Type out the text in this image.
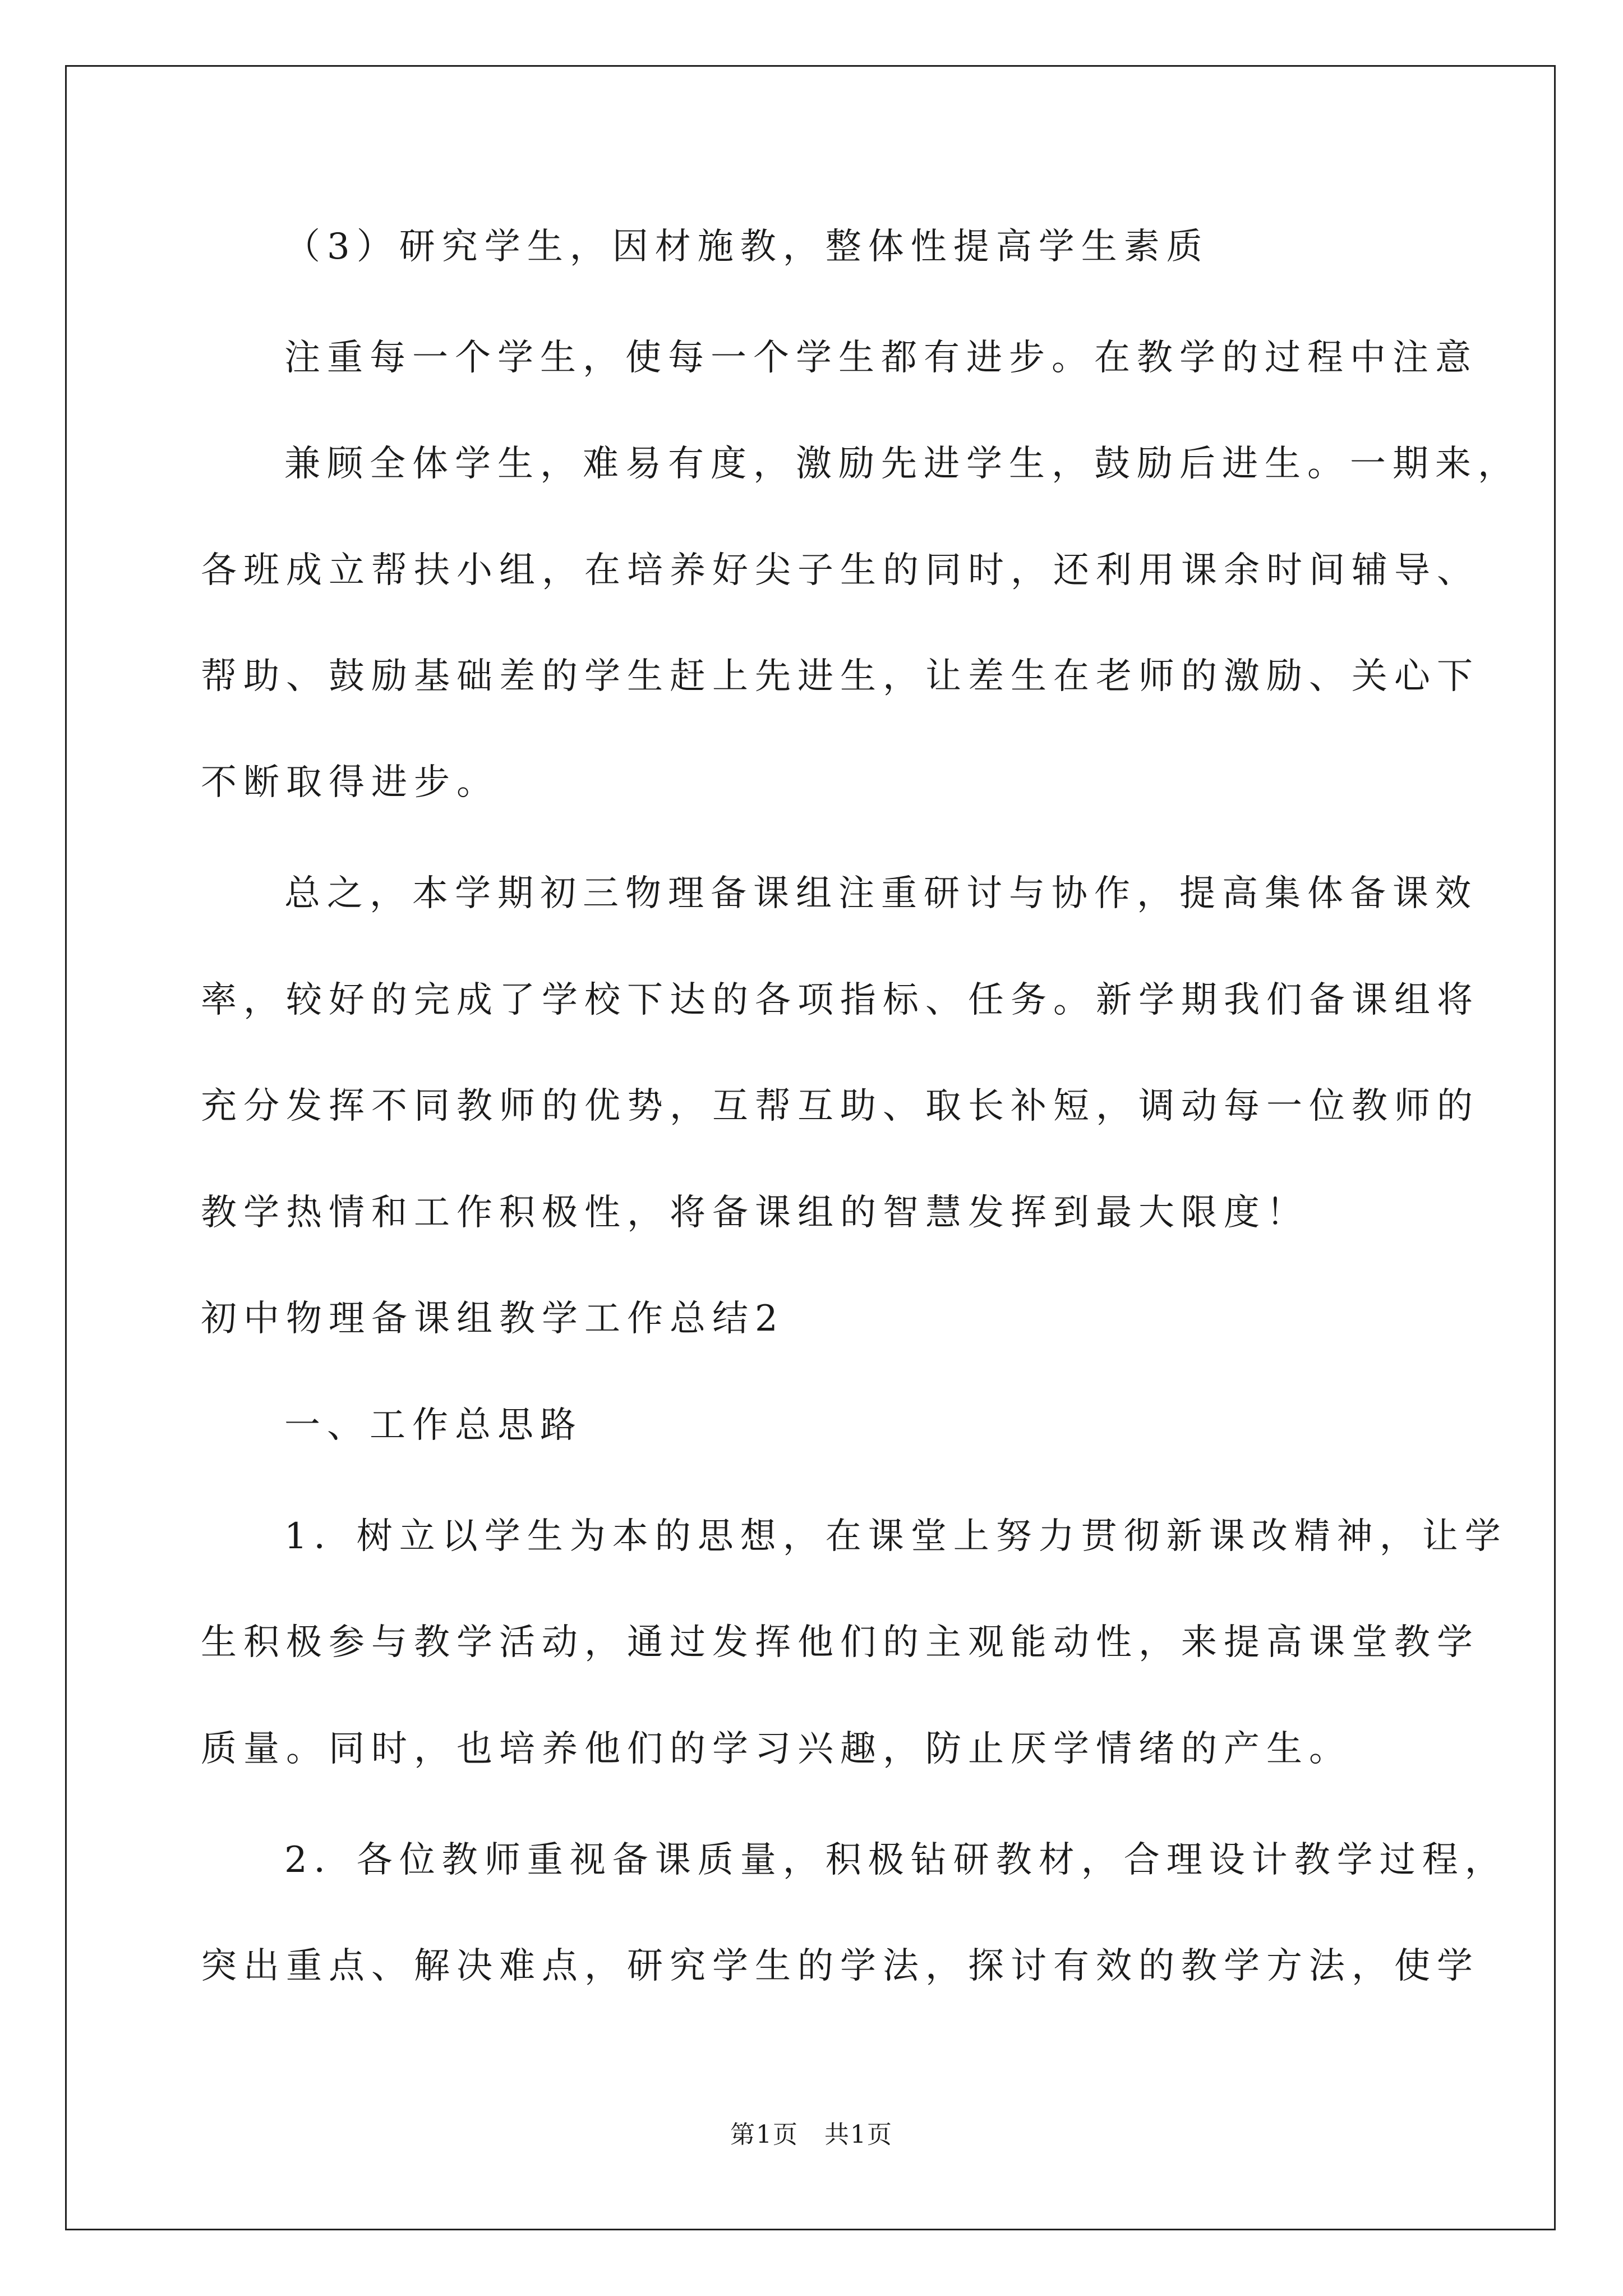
（3）研究学生，因材施教，整体性提高学生素质
注重每一个学生，使每一个学生都有进步。在教学的过程中注意
兼顾全体学生，难易有度，激励先进学生，鼓励后进生。一期来，
各班成立帮扶小组，在培养好尖子生的同时，还利用课余时间辅导、
帮助、鼓励基础差的学生赶上先进生，让差生在老师的激励、关心下
不断取得进步。
总之，本学期初三物理备课组注重研讨与协作，提高集体备课效
率，较好的完成了学校下达的各项指标、任务。新学期我们备课组将
充分发挥不同教师的优势，互帮互助、取长补短，调动每一位教师的
教学热情和工作积极性，将备课组的智慧发挥到最大限度！
初中物理备课组教学工作总结2
一、工作总思路
1．树立以学生为本的思想，在课堂上努力贯彻新课改精神，让学
生积极参与教学活动，通过发挥他们的主观能动性，来提高课堂教学
质量。同时，也培养他们的学习兴趣，防止厌学情绪的产生。
2．各位教师重视备课质量，积极钻研教材，合理设计教学过程，
突出重点、解决难点，研究学生的学法，探讨有效的教学方法，使学
第1页　共1页
